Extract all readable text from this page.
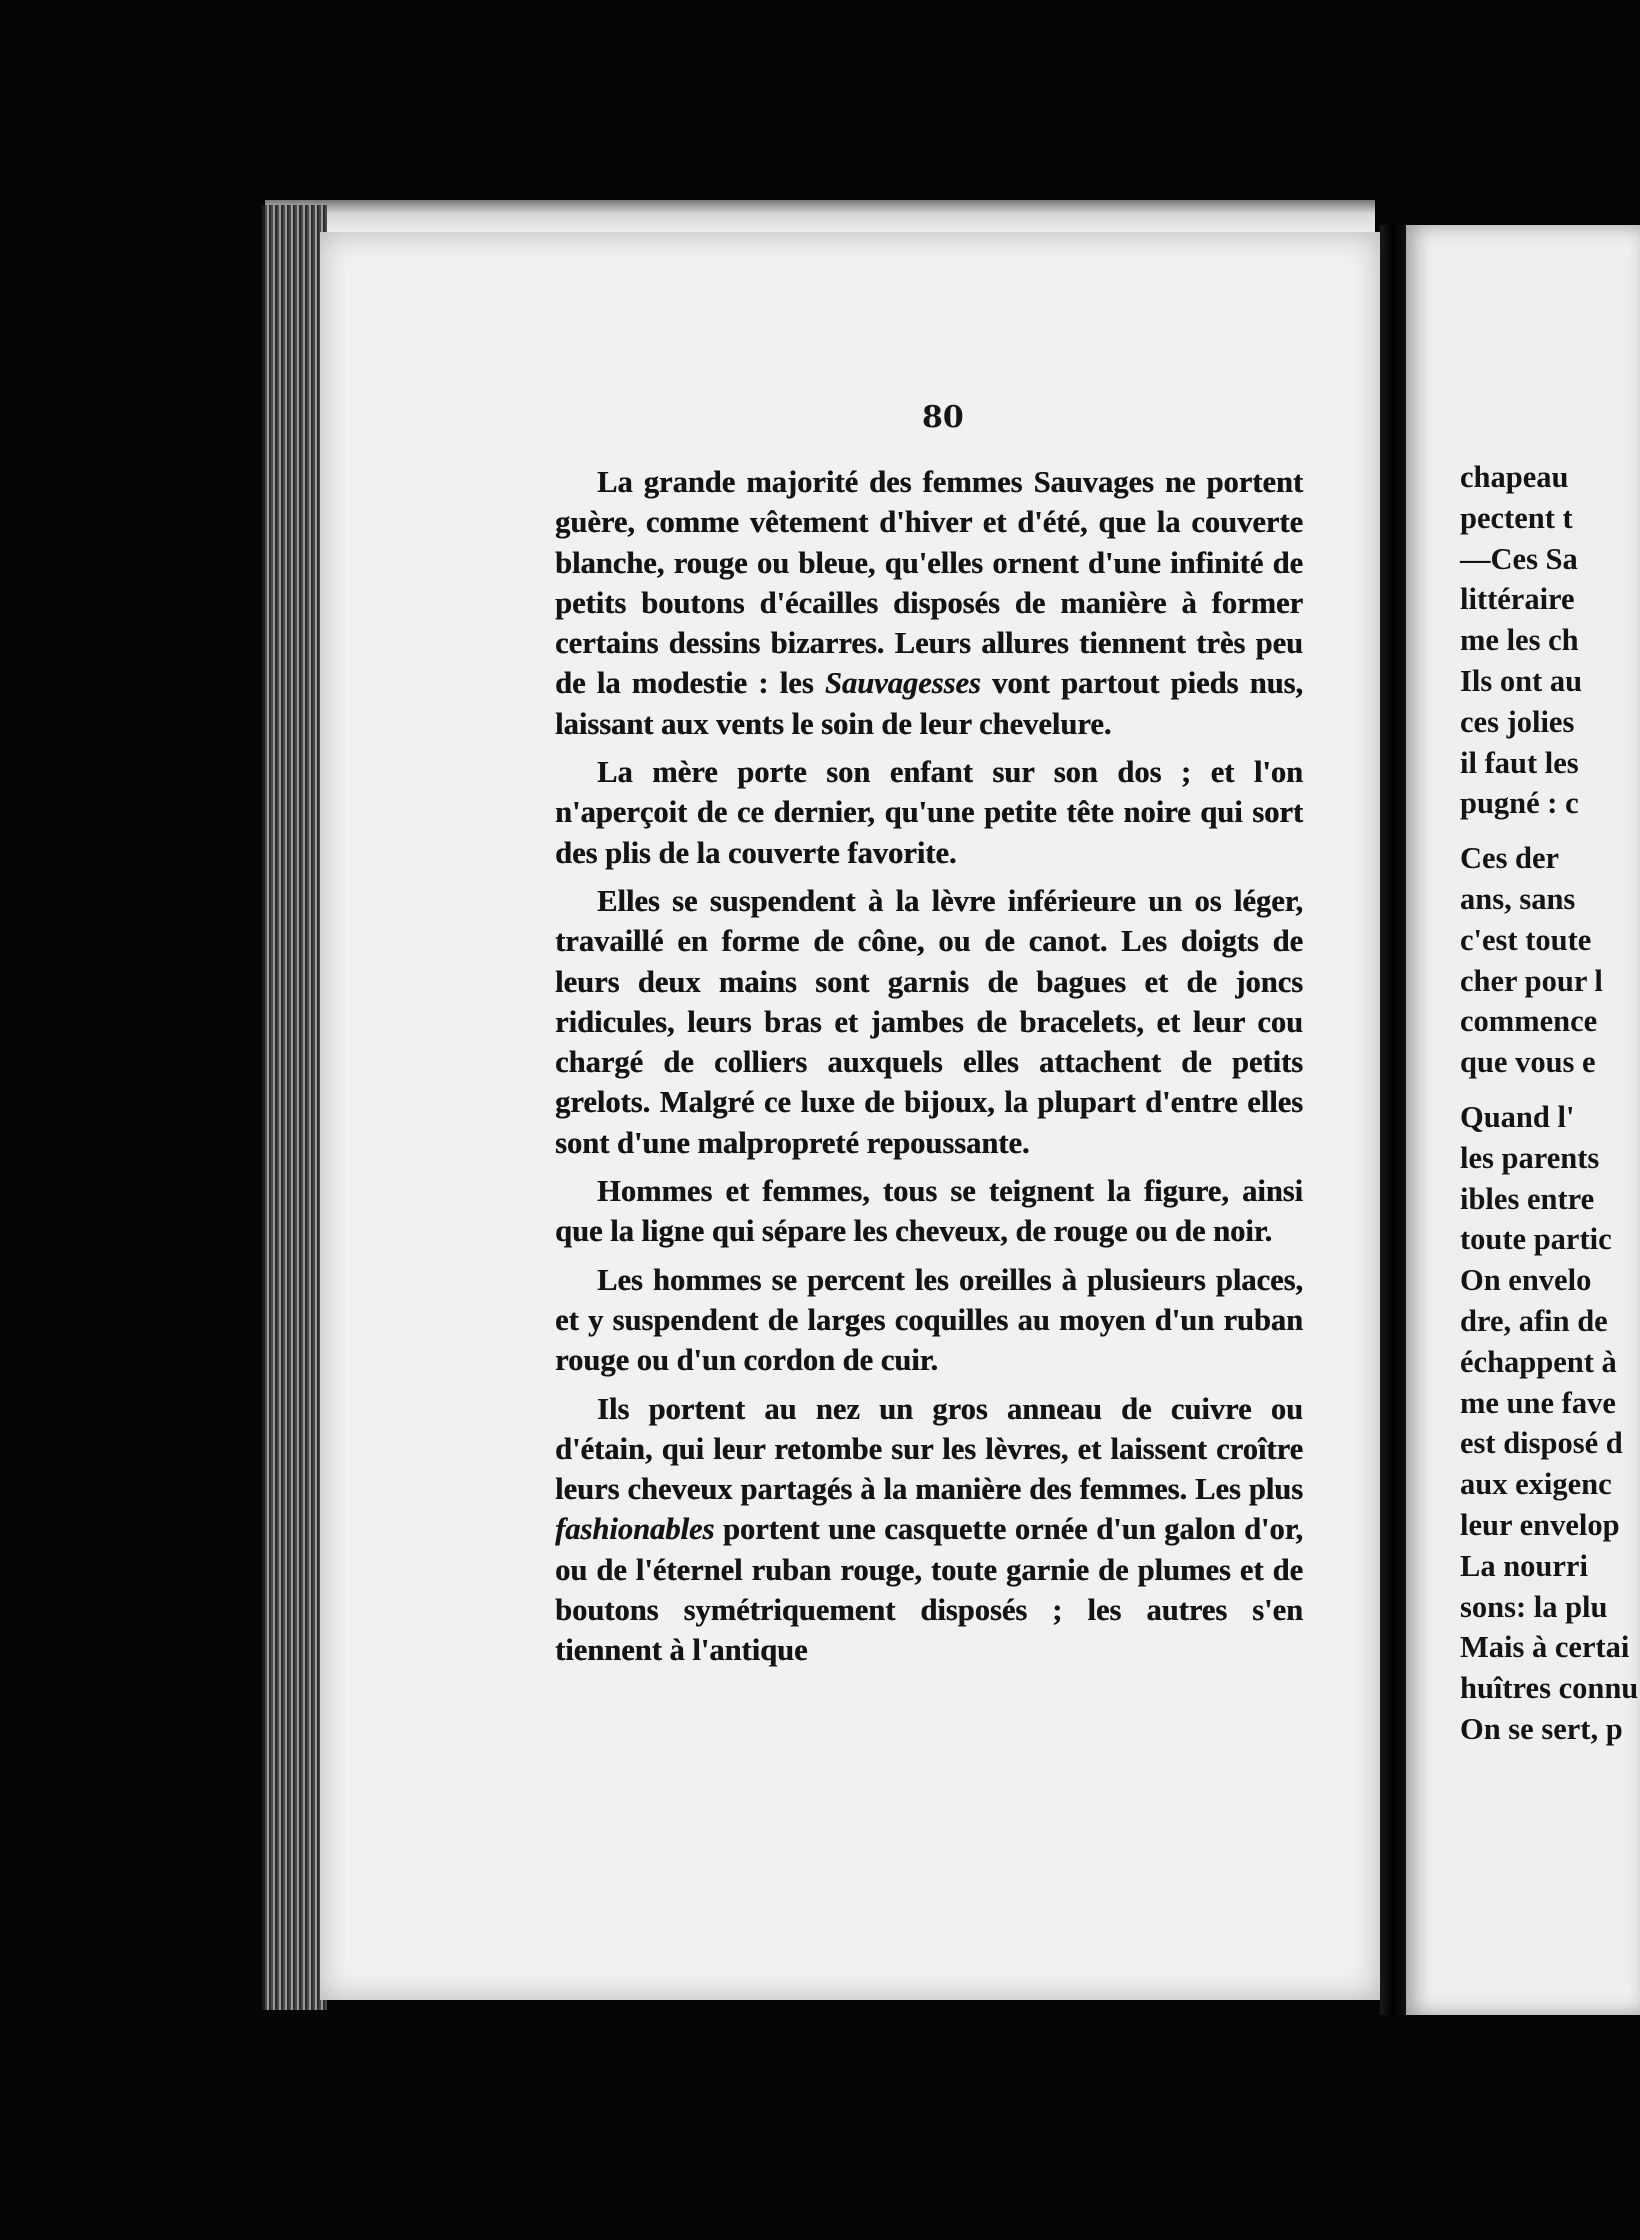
80

La grande majorité des femmes Sauvages ne portent guère, comme vêtement d'hiver et d'été, que la couverte blanche, rouge ou bleue, qu'elles ornent d'une infinité de petits boutons d'écailles disposés de manière à former certains dessins bizarres. Leurs allures tiennent très peu de la modestie : les Sauvagesses vont partout pieds nus, laissant aux vents le soin de leur chevelure.

La mère porte son enfant sur son dos ; et l'on n'aperçoit de ce dernier, qu'une petite tête noire qui sort des plis de la couverte favorite.

Elles se suspendent à la lèvre inférieure un os léger, travaillé en forme de cône, ou de canot. Les doigts de leurs deux mains sont garnis de bagues et de joncs ridicules, leurs bras et jambes de bracelets, et leur cou chargé de colliers auxquels elles attachent de petits grelots. Malgré ce luxe de bijoux, la plupart d'entre elles sont d'une malpropreté repoussante.

Hommes et femmes, tous se teignent la figure, ainsi que la ligne qui sépare les cheveux, de rouge ou de noir.

Les hommes se percent les oreilles à plusieurs places, et y suspendent de larges coquilles au moyen d'un ruban rouge ou d'un cordon de cuir.

Ils portent au nez un gros anneau de cuivre ou d'étain, qui leur retombe sur les lèvres, et laissent croître leurs cheveux partagés à la manière des femmes. Les plus fashionables portent une casquette ornée d'un galon d'or, ou de l'éternel ruban rouge, toute garnie de plumes et de boutons symétriquement disposés ; les autres s'en tiennent à l'antique

chapeau
pectent t
—Ces Sa
littéraire
me les ch
Ils ont au
ces jolies
il faut les
pugné : c
Ces der
ans, sans
c'est toute
cher pour l
commence
que vous e
Quand l'
les parents
ibles entre
toute partic
On envelo
dre, afin de
échappent à
me une fave
est disposé d
aux exigenc
leur envelop
La nourri
sons: la plu
Mais à certai
huîtres connu
On se sert, p
